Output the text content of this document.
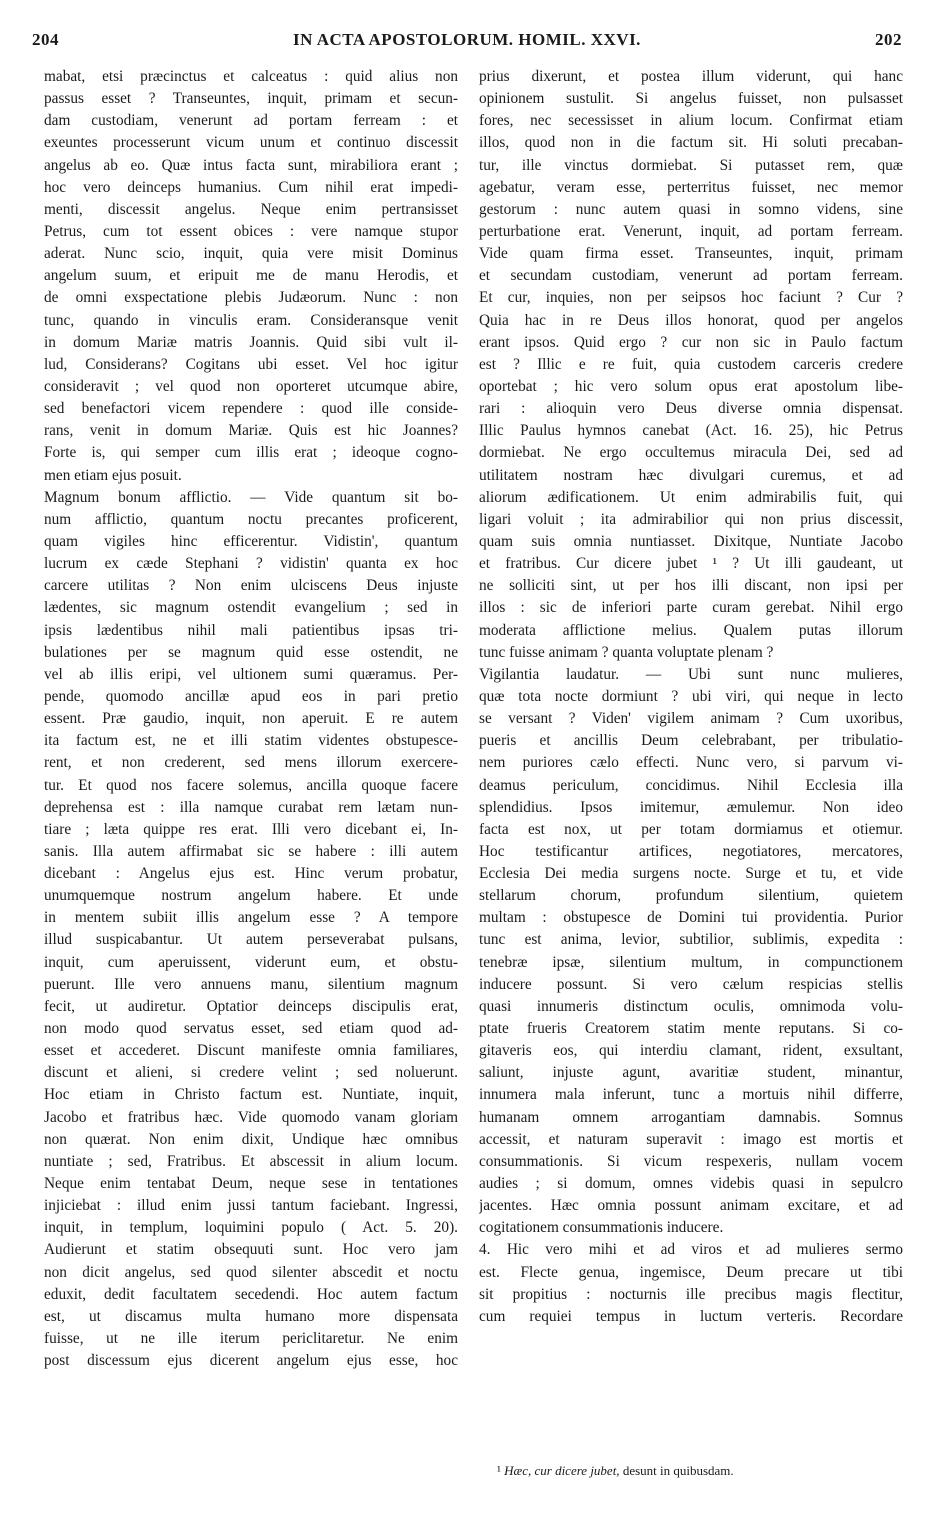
204	IN ACTA APOSTOLORUM. HOMIL. XXVI.	202
mabat, etsi præcinctus et calceatus : quid alius non
passus esset ? Transeuntes, inquit, primam et secun-
dam custodiam, venerunt ad portam ferream : et
exeuntes processerunt vicum unum et continuo discessit
angelus ab eo. Quæ intus facta sunt, mirabiliora erant ;
hoc vero deinceps humanius. Cum nihil erat impedi-
menti, discessit angelus. Neque enim pertransisset
Petrus, cum tot essent obices : vere namque stupor
aderat. Nunc scio, inquit, quia vere misit Dominus
angelum suum, et eripuit me de manu Herodis, et
de omni exspectatione plebis Judæorum. Nunc : non
tunc, quando in vinculis eram. Consideransque venit
in domum Mariæ matris Joannis. Quid sibi vult il-
lud, Considerans? Cogitans ubi esset. Vel hoc igitur
consideravit ; vel quod non oporteret utcumque abire,
sed benefactori vicem rependere : quod ille conside-
rans, venit in domum Mariæ. Quis est hic Joannes?
Forte is, qui semper cum illis erat ; ideoque cogno-
men etiam ejus posuit.
Magnum bonum afflictio. — Vide quantum sit bo-
num afflictio, quantum noctu precantes proficerent,
quam vigiles hinc efficerentur. Vidistin', quantum
lucrum ex cæde Stephani ? vidistin' quanta ex hoc
carcere utilitas ? Non enim ulciscens Deus injuste
lædentes, sic magnum ostendit evangelium ; sed in
ipsis lædentibus nihil mali patientibus ipsas tri-
bulationes per se magnum quid esse ostendit, ne
vel ab illis eripi, vel ultionem sumi quæramus. Per-
pende, quomodo ancillæ apud eos in pari pretio
essent. Præ gaudio, inquit, non aperuit. E re autem
ita factum est, ne et illi statim videntes obstupesce-
rent, et non crederent, sed mens illorum exercere-
tur. Et quod nos facere solemus, ancilla quoque facere
deprehensa est : illa namque curabat rem lætam nun-
tiare ; læta quippe res erat. Illi vero dicebant ei, In-
sanis. Illa autem affirmabat sic se habere : illi autem
dicebant : Angelus ejus est. Hinc verum probatur,
unumquemque nostrum angelum habere. Et unde
in mentem subiit illis angelum esse ? A tempore
illud suspicabantur. Ut autem perseverabat pulsans,
inquit, cum aperuissent, viderunt eum, et obstu-
puerunt. Ille vero annuens manu, silentium magnum
fecit, ut audiretur. Optatior deinceps discipulis erat,
non modo quod servatus esset, sed etiam quod ad-
esset et accederet. Discunt manifeste omnia familiares,
discunt et alieni, si credere velint ; sed noluerunt.
Hoc etiam in Christo factum est. Nuntiate, inquit,
Jacobo et fratribus hæc. Vide quomodo vanam gloriam
non quærat. Non enim dixit, Undique hæc omnibus
nuntiate ; sed, Fratribus. Et abscessit in alium locum.
Neque enim tentabat Deum, neque sese in tentationes
injiciebat : illud enim jussi tantum faciebant. Ingressi,
inquit, in templum, loquimini populo ( Act. 5. 20).
Audierunt et statim obsequuti sunt. Hoc vero jam
non dicit angelus, sed quod silenter abscedit et noctu
eduxit, dedit facultatem secedendi. Hoc autem factum
est, ut discamus multa humano more dispensata
fuisse, ut ne ille iterum periclitaretur. Ne enim
post discessum ejus dicerent angelum ejus esse, hoc
prius dixerunt, et postea illum viderunt, qui hanc
opinionem sustulit. Si angelus fuisset, non pulsasset
fores, nec secessisset in alium locum. Confirmat etiam
illos, quod non in die factum sit. Hi soluti precaban-
tur, ille vinctus dormiebat. Si putasset rem, quæ
agebatur, veram esse, perterritus fuisset, nec memor
gestorum : nunc autem quasi in somno videns, sine
perturbatione erat. Venerunt, inquit, ad portam ferream.
Vide quam firma esset. Transeuntes, inquit, primam
et secundam custodiam, venerunt ad portam ferream.
Et cur, inquies, non per seipsos hoc faciunt ? Cur ?
Quia hac in re Deus illos honorat, quod per angelos
erant ipsos. Quid ergo ? cur non sic in Paulo factum
est ? Illic e re fuit, quia custodem carceris credere
oportebat ; hic vero solum opus erat apostolum libe-
rari : alioquin vero Deus diverse omnia dispensat.
Illic Paulus hymnos canebat (Act. 16. 25), hic Petrus
dormiebat. Ne ergo occultemus miracula Dei, sed ad
utilitatem nostram hæc divulgari curemus, et ad
aliorum ædificationem. Ut enim admirabilis fuit, qui
ligari voluit ; ita admirabilior qui non prius discessit,
quam suis omnia nuntiasset. Dixitque, Nuntiate Jacobo
et fratribus. Cur dicere jubet ¹ ? Ut illi gaudeant, ut
ne solliciti sint, ut per hos illi discant, non ipsi per
illos : sic de inferiori parte curam gerebat. Nihil ergo
moderata afflictione melius. Qualem putas illorum
tunc fuisse animam ? quanta voluptate plenam ?
Vigilantia laudatur. — Ubi sunt nunc mulieres,
quæ tota nocte dormiunt ? ubi viri, qui neque in lecto
se versant ? Viden' vigilem animam ? Cum uxoribus,
pueris et ancillis Deum celebrabant, per tribulatio-
nem puriores cælo effecti. Nunc vero, si parvum vi-
deamus periculum, concidimus. Nihil Ecclesia illa
splendidius. Ipsos imitemur, æmulemur. Non ideo
facta est nox, ut per totam dormiamus et otiemur.
Hoc testificantur artifices, negotiatores, mercatores,
Ecclesia Dei media surgens nocte. Surge et tu, et vide
stellarum chorum, profundum silentium, quietem
multam : obstupesce de Domini tui providentia. Purior
tunc est anima, levior, subtilior, sublimis, expedita :
tenebræ ipsæ, silentium multum, in compunctionem
inducere possunt. Si vero cælum respicias stellis
quasi innumeris distinctum oculis, omnimoda volu-
ptate frueris Creatorem statim mente reputans. Si co-
gitaveris eos, qui interdiu clamant, rident, exsultant,
saliunt, injuste agunt, avaritiæ student, minantur,
innumera mala inferunt, tunc a mortuis nihil differre,
humanam omnem arrogantiam damnabis. Somnus
accessit, et naturam superavit : imago est mortis et
consummationis. Si vicum respexeris, nullam vocem
audies ; si domum, omnes videbis quasi in sepulcro
jacentes. Hæc omnia possunt animam excitare, et ad
cogitationem consummationis inducere.
4. Hic vero mihi et ad viros et ad mulieres sermo
est. Flecte genua, ingemisce, Deum precare ut tibi
sit propitius : nocturnis ille precibus magis flectitur,
cum requiei tempus in luctum verteris. Recordare
¹ Hæc, cur dicere jubet, desunt in quibusdam.
